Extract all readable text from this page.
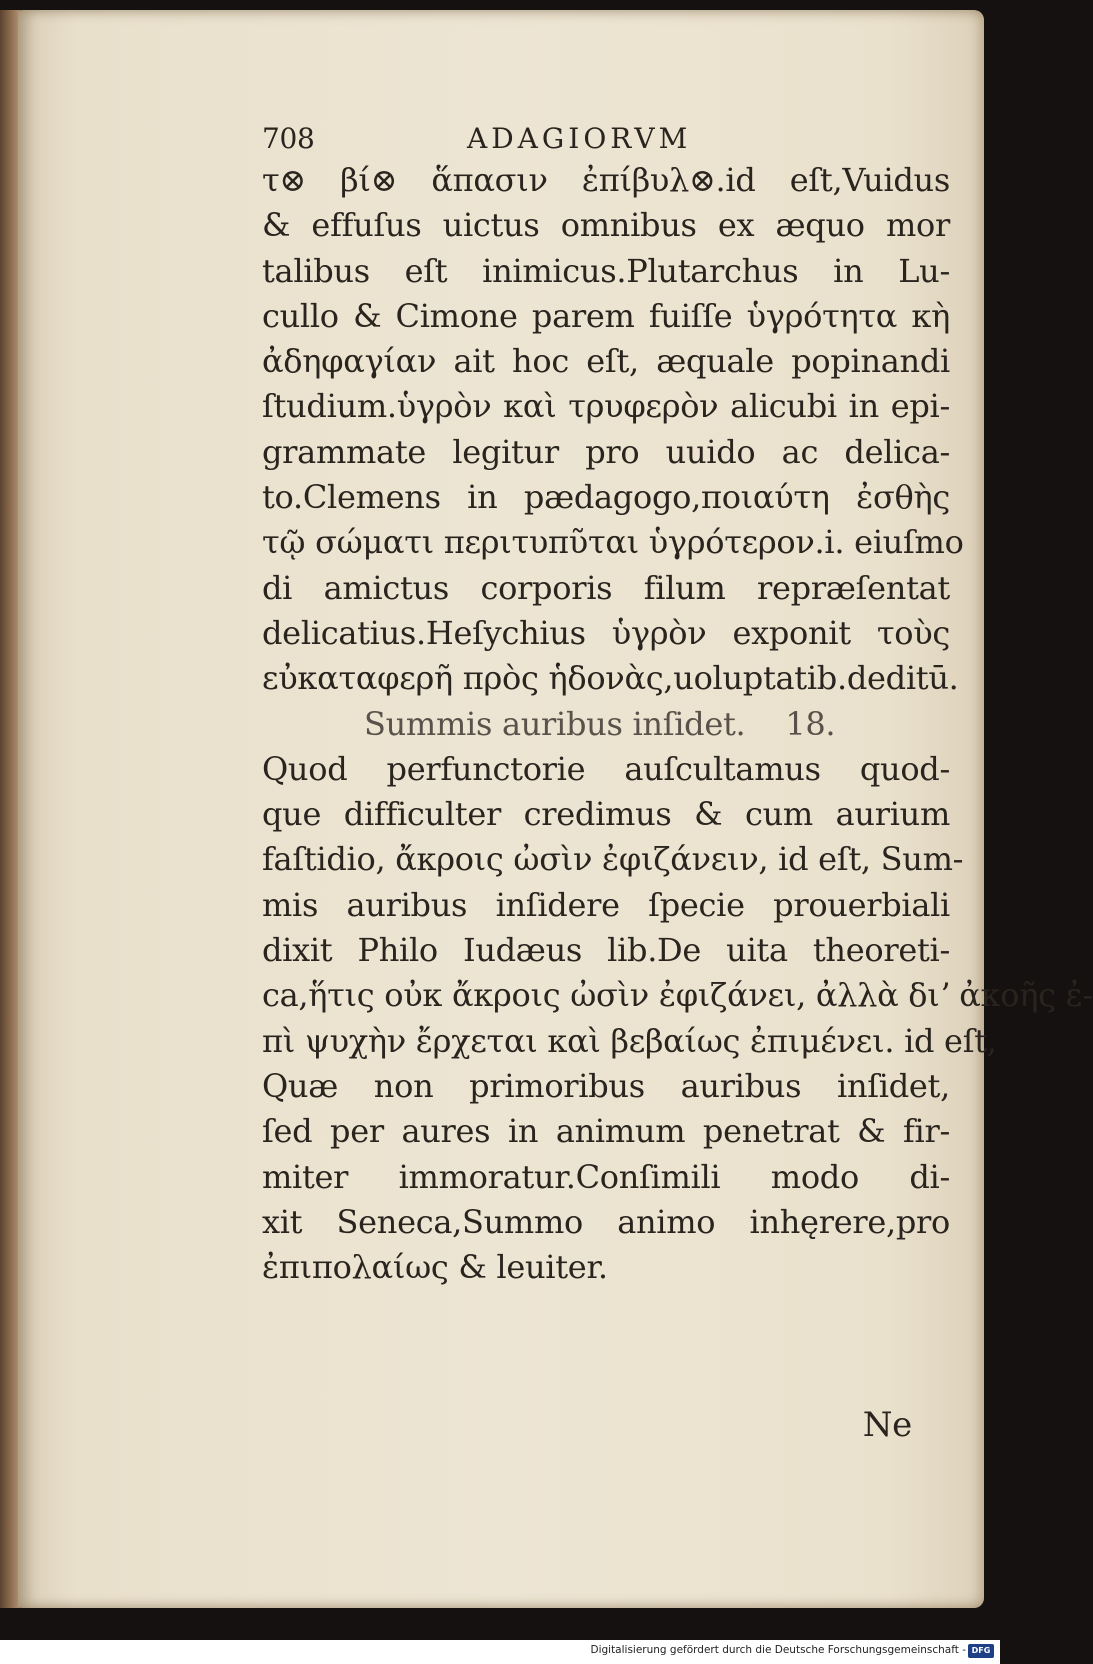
708	ADAGIORVM
τ⊗ βί⊗ ἅπασιν ἐπίβυλ⊗.id eſt,Vuidus
& effuſus uictus omnibus ex æquo mor
talibus eſt inimicus.Plutarchus in Lu-
cullo & Cimone parem fuiſſe ὑγρότητα κὴ
ἀδηφαγίαν ait hoc eſt, æquale popinandi
ſtudium.ὑγρὸν καὶ τρυφερὸν alicubi in epi-
grammate legitur pro uuido ac delica-
to.Clemens in pædagogo,ποιαύτη ἐσθὴς
τῷ σώματι περιτυπῦται ὑγρότερον.i. eiuſmo
di amictus corporis filum repræſentat
delicatius.Heſychius ὑγρὸν exponit τοὺς
εὐκαταφερῆ πρὸς ἡδονὰς,uoluptatib.deditū.
Summis auribus inſidet. 18.
Quod perfunctorie auſcultamus quod-
que difficulter credimus & cum aurium
faſtidio, ἄκροις ὠσὶν ἐφιζάνειν, id eſt, Sum-
mis auribus inſidere ſpecie prouerbiali
dixit Philo Iudæus lib.De uita theoreti-
ca,ἥτις οὐκ ἄκροις ὠσὶν ἐφιζάνει, ἀλλὰ διʼ ἀκοῆς ἐ-
πὶ ψυχὴν ἔρχεται καὶ βεβαίως ἐπιμένει. id eſt,
Quæ non primoribus auribus inſidet,
ſed per aures in animum penetrat & fir-
miter immoratur.Conſimili modo di-
xit Seneca,Summo animo inhęrere,pro
ἐπιπολαίως & leuiter.
Ne
Digitalisierung gefördert durch die Deutsche Forschungsgemeinschaft - DFG
